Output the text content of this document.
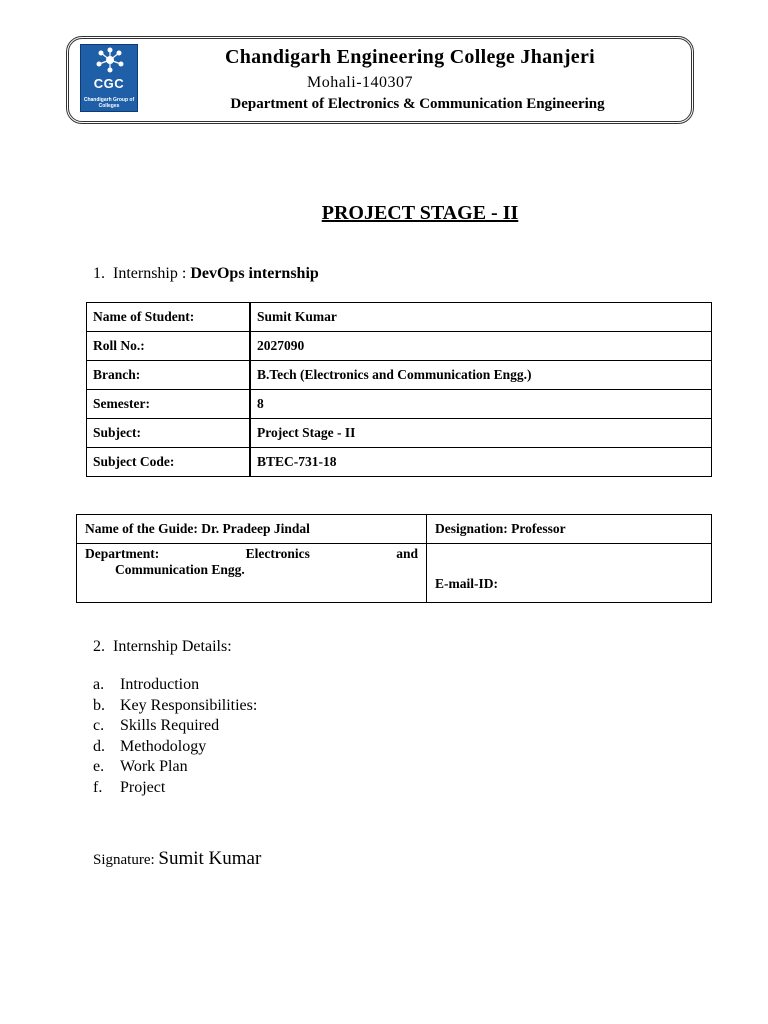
CGC
Chandigarh Group of Colleges
Chandigarh Engineering College Jhanjeri
Mohali-140307
Department of Electronics & Communication Engineering
PROJECT STAGE - II
1. Internship : DevOps internship
Name of Student:	Sumit Kumar
Roll No.:	2027090
Branch:	B.Tech (Electronics and Communication Engg.)
Semester:	8
Subject:	Project Stage - II
Subject Code:	BTEC-731-18
Name of the Guide: Dr. Pradeep Jindal	Designation: Professor

Department: Electronics and
Communication Engg.	E-mail-ID:
2. Internship Details:
a. Introduction
b. Key Responsibilities:
c. Skills Required
d. Methodology
e. Work Plan
f.	Project
Signature: Sumit Kumar
